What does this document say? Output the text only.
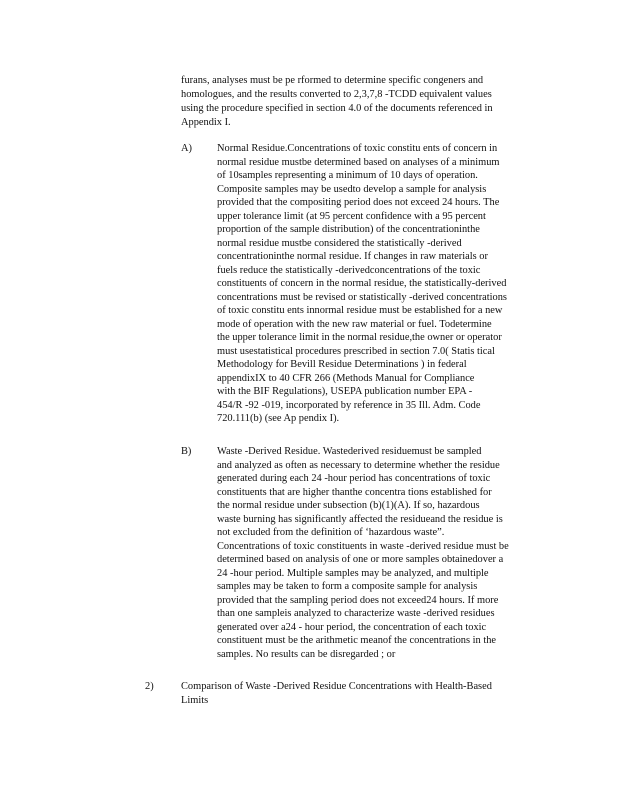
furans, analyses must be pe rformed to determine specific congeners and
homologues, and the results converted to 2,3,7,8 -TCDD equivalent values
using the procedure specified in section 4.0 of the documents referenced in
Appendix I.
A) Normal Residue.Concentrations of toxic constitu ents of concern in
normal residue mustbe determined based on analyses of a minimum
of 10samples representing a minimum of 10 days of operation.
Composite samples may be usedto develop a sample for analysis
provided that the compositing period does not exceed 24 hours. The
upper tolerance limit (at 95 percent confidence with a 95 percent
proportion of the sample distribution) of the concentrationinthe
normal residue mustbe considered the statistically -derived
concentrationinthe normal residue. If changes in raw materials or
fuels reduce the statistically -derivedconcentrations of the toxic
constituents of concern in the normal residue, the statistically-derived
concentrations must be revised or statistically -derived concentrations
of toxic constitu ents innormal residue must be established for a new
mode of operation with the new raw material or fuel. Todetermine
the upper tolerance limit in the normal residue,the owner or operator
must usestatistical procedures prescribed in section 7.0( Statis tical
Methodology for Bevill Residue Determinations ) in federal
appendixIX to 40 CFR 266 (Methods Manual for Compliance
with the BIF Regulations), USEPA publication number EPA -
454/R -92 -019, incorporated by reference in 35 Ill. Adm. Code
720.111(b) (see Ap pendix I).
B) Waste -Derived Residue. Wastederived residuemust be sampled
and analyzed as often as necessary to determine whether the residue
generated during each 24 -hour period has concentrations of toxic
constituents that are higher thanthe concentra tions established for
the normal residue under subsection (b)(1)(A). If so, hazardous
waste burning has significantly affected the residueand the residue is
not excluded from the definition of ‘hazardous waste”.
Concentrations of toxic constituents in waste -derived residue must be
determined based on analysis of one or more samples obtainedover a
24 -hour period. Multiple samples may be analyzed, and multiple
samples may be taken to form a composite sample for analysis
provided that the sampling period does not exceed24 hours. If more
than one sampleis analyzed to characterize waste -derived residues
generated over a24 - hour period, the concentration of each toxic
constituent must be the arithmetic meanof the concentrations in the
samples. No results can be disregarded ; or
2)	Comparison of Waste -Derived Residue Concentrations with Health-Based
Limits
